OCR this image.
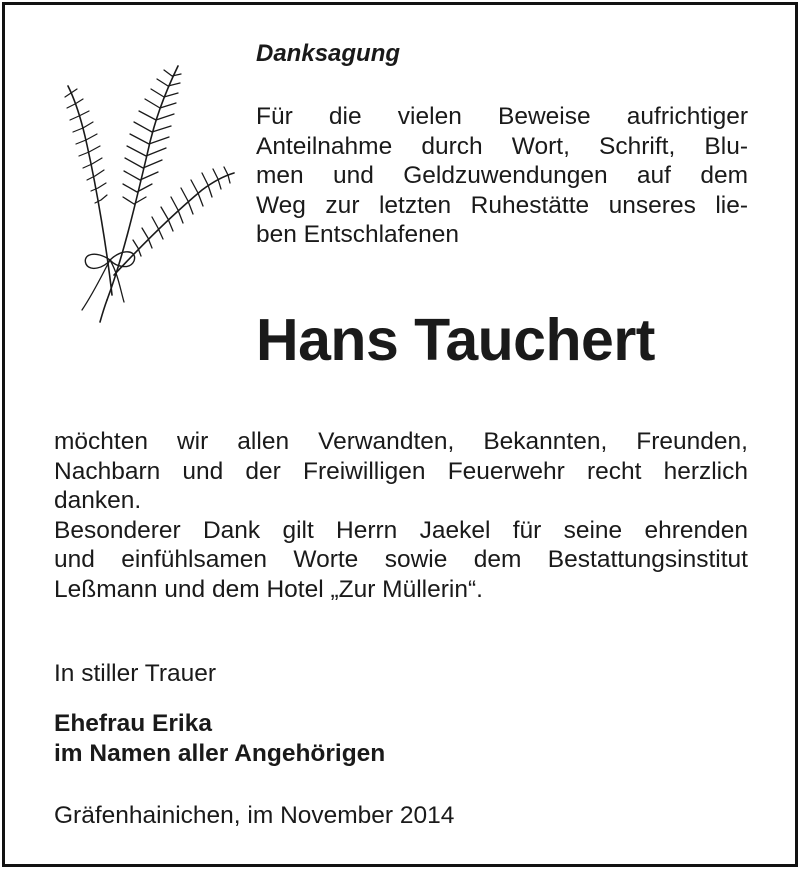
Danksagung

Für die vielen Beweise aufrichtiger
Anteilnahme durch Wort, Schrift, Blu-
men und Geldzuwendungen auf dem
Weg zur letzten Ruhestätte unseres lie-
ben Entschlafenen

Hans Tauchert

möchten wir allen Verwandten, Bekannten, Freunden,
Nachbarn und der Freiwilligen Feuerwehr recht herzlich
danken.
Besonderer Dank gilt Herrn Jaekel für seine ehrenden
und einfühlsamen Worte sowie dem Bestattungsinstitut
Leßmann und dem Hotel „Zur Müllerin“.

In stiller Trauer

Ehefrau Erika
im Namen aller Angehörigen

Gräfenhainichen, im November 2014
